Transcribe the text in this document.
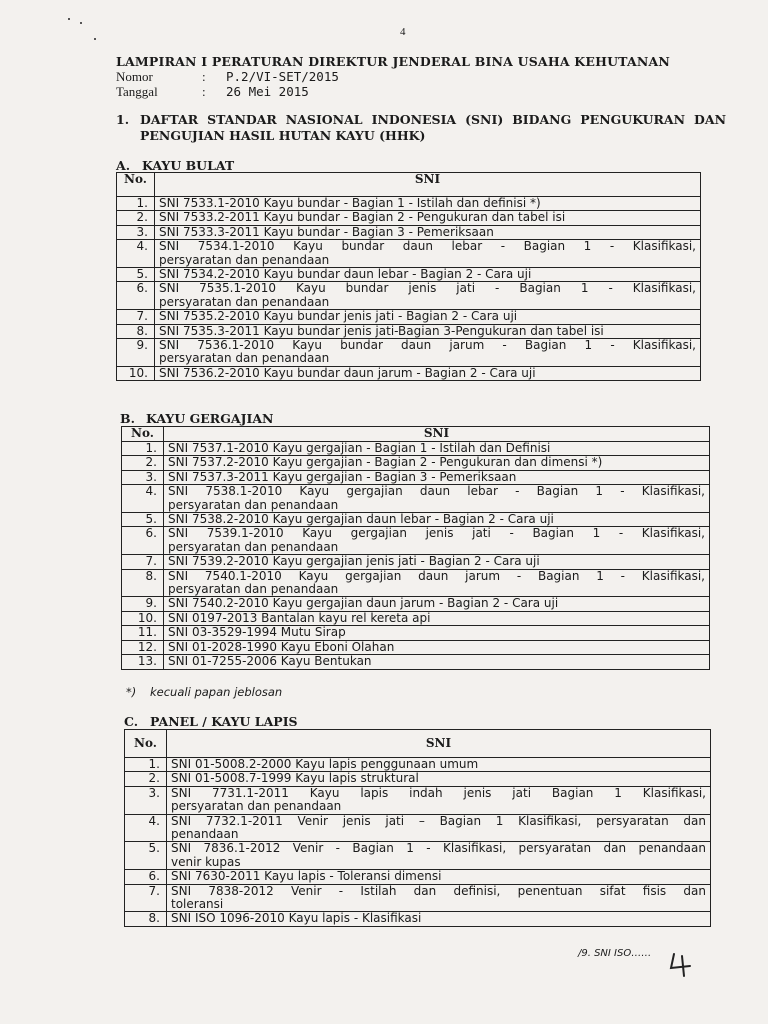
4
LAMPIRAN I PERATURAN DIREKTUR JENDERAL BINA USAHA KEHUTANAN
Nomor	:	P.2/VI-SET/2015
Tanggal	:	26 Mei 2015
1. DAFTAR STANDAR NASIONAL INDONESIA (SNI) BIDANG PENGUKURAN DAN PENGUJIAN HASIL HUTAN KAYU (HHK)
A. KAYU BULAT
No.	SNI
1.	SNI 7533.1-2010 Kayu bundar - Bagian 1 - Istilah dan definisi *)

2.	SNI 7533.2-2011 Kayu bundar - Bagian 2 - Pengukuran dan tabel isi

3.	SNI 7533.3-2011 Kayu bundar - Bagian 3 - Pemeriksaan

4.	SNI 7534.1-2010 Kayu bundar daun lebar - Bagian 1 - Klasifikasi,
persyaratan dan penandaan

5.	SNI 7534.2-2010 Kayu bundar daun lebar - Bagian 2 - Cara uji

6.	SNI 7535.1-2010 Kayu bundar jenis jati - Bagian 1 - Klasifikasi,
persyaratan dan penandaan

7.	SNI 7535.2-2010 Kayu bundar jenis jati - Bagian 2 - Cara uji

8.	SNI 7535.3-2011 Kayu bundar jenis jati-Bagian 3-Pengukuran dan tabel isi

9.	SNI 7536.1-2010 Kayu bundar daun jarum - Bagian 1 - Klasifikasi,
persyaratan dan penandaan

10.	SNI 7536.2-2010 Kayu bundar daun jarum - Bagian 2 - Cara uji
B. KAYU GERGAJIAN
No.	SNI
1.	SNI 7537.1-2010 Kayu gergajian - Bagian 1 - Istilah dan Definisi

2.	SNI 7537.2-2010 Kayu gergajian - Bagian 2 - Pengukuran dan dimensi *)

3.	SNI 7537.3-2011 Kayu gergajian - Bagian 3 - Pemeriksaan

4.	SNI 7538.1-2010 Kayu gergajian daun lebar - Bagian 1 - Klasifikasi,
persyaratan dan penandaan

5.	SNI 7538.2-2010 Kayu gergajian daun lebar - Bagian 2 - Cara uji

6.	SNI 7539.1-2010 Kayu gergajian jenis jati - Bagian 1 - Klasifikasi,
persyaratan dan penandaan

7.	SNI 7539.2-2010 Kayu gergajian jenis jati - Bagian 2 - Cara uji

8.	SNI 7540.1-2010 Kayu gergajian daun jarum - Bagian 1 - Klasifikasi,
persyaratan dan penandaan

9.	SNI 7540.2-2010 Kayu gergajian daun jarum - Bagian 2 - Cara uji

10.	SNI 0197-2013 Bantalan kayu rel kereta api

11.	SNI 03-3529-1994 Mutu Sirap

12.	SNI 01-2028-1990 Kayu Eboni Olahan

13.	SNI 01-7255-2006 Kayu Bentukan
*) kecuali papan jeblosan
C. PANEL / KAYU LAPIS
No.	SNI
1.	SNI 01-5008.2-2000 Kayu lapis penggunaan umum

2.	SNI 01-5008.7-1999 Kayu lapis struktural

3.	SNI 7731.1-2011 Kayu lapis indah jenis jati Bagian 1 Klasifikasi,
persyaratan dan penandaan

4.	SNI 7732.1-2011 Venir jenis jati – Bagian 1 Klasifikasi, persyaratan dan
penandaan

5.	SNI 7836.1-2012 Venir - Bagian 1 - Klasifikasi, persyaratan dan penandaan
venir kupas

6.	SNI 7630-2011 Kayu lapis - Toleransi dimensi

7.	SNI 7838-2012 Venir - Istilah dan definisi, penentuan sifat fisis dan
toleransi

8.	SNI ISO 1096-2010 Kayu lapis - Klasifikasi
/9. SNI ISO……
